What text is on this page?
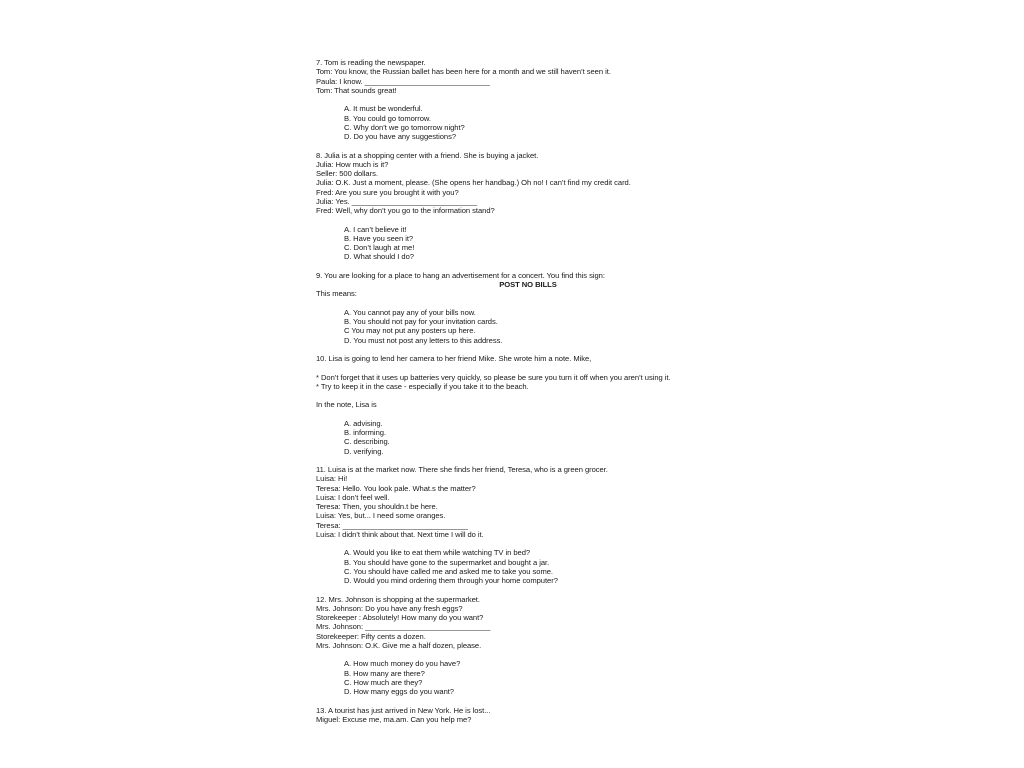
7. Tom is reading the newspaper.
Tom: You know, the Russian ballet has been here for a month and we still haven’t seen it.
Paula: I know. ______________________________
Tom: That sounds great!
A. It must be wonderful.
B. You could go tomorrow.
C. Why don’t we go tomorrow night?
D. Do you have any suggestions?
8. Julia is at a shopping center with a friend. She is buying a jacket.
Julia: How much is it?
Seller: 500 dollars.
Julia: O.K. Just a moment, please. (She opens her handbag.) Oh no! I can’t find my credit card.
Fred: Are you sure you brought it with you?
Julia: Yes. ______________________________
Fred: Well, why don’t you go to the information stand?
A. I can’t believe it!
B. Have you seen it?
C. Don’t laugh at me!
D. What should I do?
9. You are looking for a place to hang an advertisement for a concert. You find this sign:
POST NO BILLS
This means:
A. You cannot pay any of your bills now.
B. You should not pay for your invitation cards.
C You may not put any posters up here.
D. You must not post any letters to this address.
10. Lisa is going to lend her camera to her friend Mike. She wrote him a note. Mike,
* Don’t forget that it uses up batteries very quickly, so please be sure you turn it off when you aren’t using it.
* Try to keep it in the case - especially if you take it to the beach.
In the note, Lisa is
A. advising.
B. informing.
C. describing.
D. verifying.
11. Luisa is at the market now. There she finds her friend, Teresa, who is a green grocer.
Luisa: Hi!
Teresa: Hello. You look pale. What.s the matter?
Luisa: I don’t feel well.
Teresa: Then, you shouldn.t be here.
Luisa: Yes, but... I need some oranges.
Teresa: ______________________________
Luisa: I didn’t think about that. Next time I will do it.
A. Would you like to eat them while watching TV in bed?
B. You should have gone to the supermarket and bought a jar.
C. You should have called me and asked me to take you some.
D. Would you mind ordering them through your home computer?
12. Mrs. Johnson is shopping at the supermarket.
Mrs. Johnson: Do you have any fresh eggs?
Storekeeper : Absolutely! How many do you want?
Mrs. Johnson: ______________________________
Storekeeper: Fifty cents a dozen.
Mrs. Johnson: O.K. Give me a half dozen, please.
A. How much money do you have?
B. How many are there?
C. How much are they?
D. How many eggs do you want?
13. A tourist has just arrived in New York. He is lost...
Miguel: Excuse me, ma.am. Can you help me?
